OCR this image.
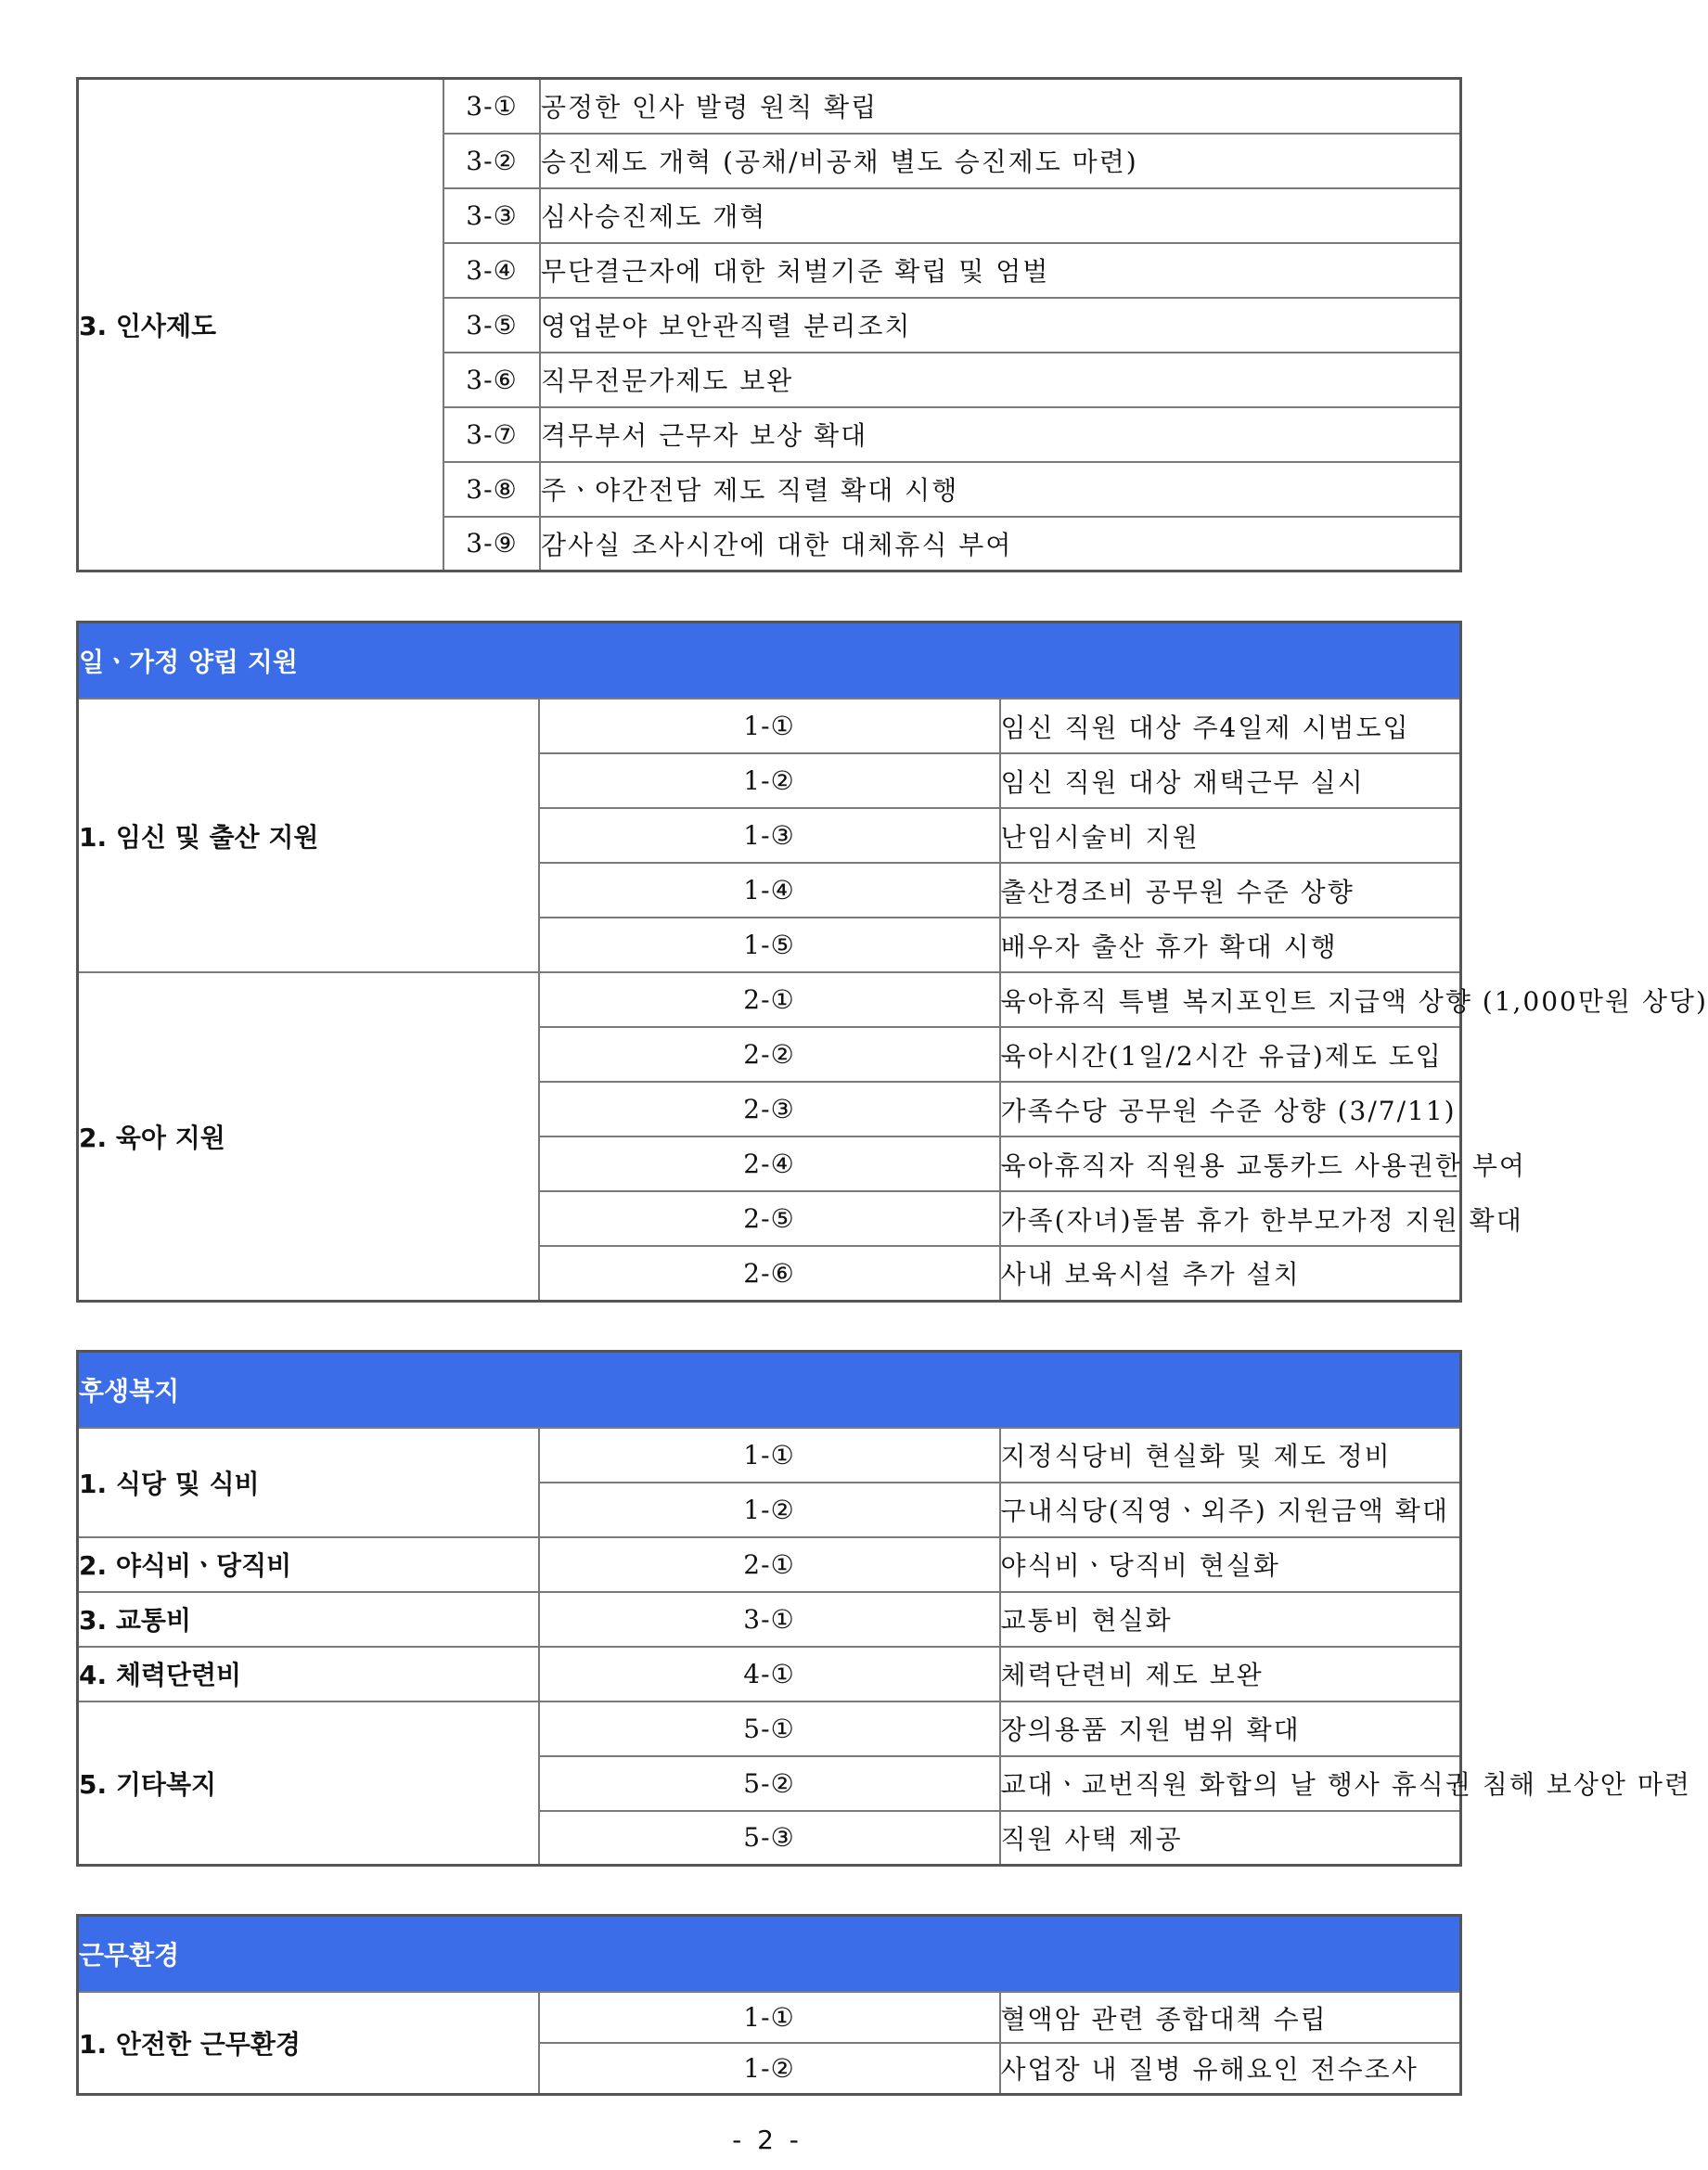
3. 인사제도	3-①	공정한 인사 발령 원칙 확립
	3-②	승진제도 개혁 (공채/비공채 별도 승진제도 마련)
	3-③	심사승진제도 개혁
	3-④	무단결근자에 대한 처벌기준 확립 및 엄벌
	3-⑤	영업분야 보안관직렬 분리조치
	3-⑥	직무전문가제도 보완
	3-⑦	격무부서 근무자 보상 확대
	3-⑧	주ㆍ야간전담 제도 직렬 확대 시행
	3-⑨	감사실 조사시간에 대한 대체휴식 부여
일ㆍ가정 양립 지원		
1. 임신 및 출산 지원	1-①	임신 직원 대상 주4일제 시범도입
	1-②	임신 직원 대상 재택근무 실시
	1-③	난임시술비 지원
	1-④	출산경조비 공무원 수준 상향
	1-⑤	배우자 출산 휴가 확대 시행
2. 육아 지원	2-①	육아휴직 특별 복지포인트 지급액 상향 (1,000만원 상당)
	2-②	육아시간(1일/2시간 유급)제도 도입
	2-③	가족수당 공무원 수준 상향 (3/7/11)
	2-④	육아휴직자 직원용 교통카드 사용권한 부여
	2-⑤	가족(자녀)돌봄 휴가 한부모가정 지원 확대
	2-⑥	사내 보육시설 추가 설치
후생복지		
1. 식당 및 식비	1-①	지정식당비 현실화 및 제도 정비
	1-②	구내식당(직영ㆍ외주) 지원금액 확대
2. 야식비ㆍ당직비	2-①	야식비ㆍ당직비 현실화
3. 교통비	3-①	교통비 현실화
4. 체력단련비	4-①	체력단련비 제도 보완
5. 기타복지	5-①	장의용품 지원 범위 확대
	5-②	교대ㆍ교번직원 화합의 날 행사 휴식권 침해 보상안 마련
	5-③	직원 사택 제공
근무환경		
1. 안전한 근무환경	1-①	혈액암 관련 종합대책 수립
	1-②	사업장 내 질병 유해요인 전수조사
- 2 -
